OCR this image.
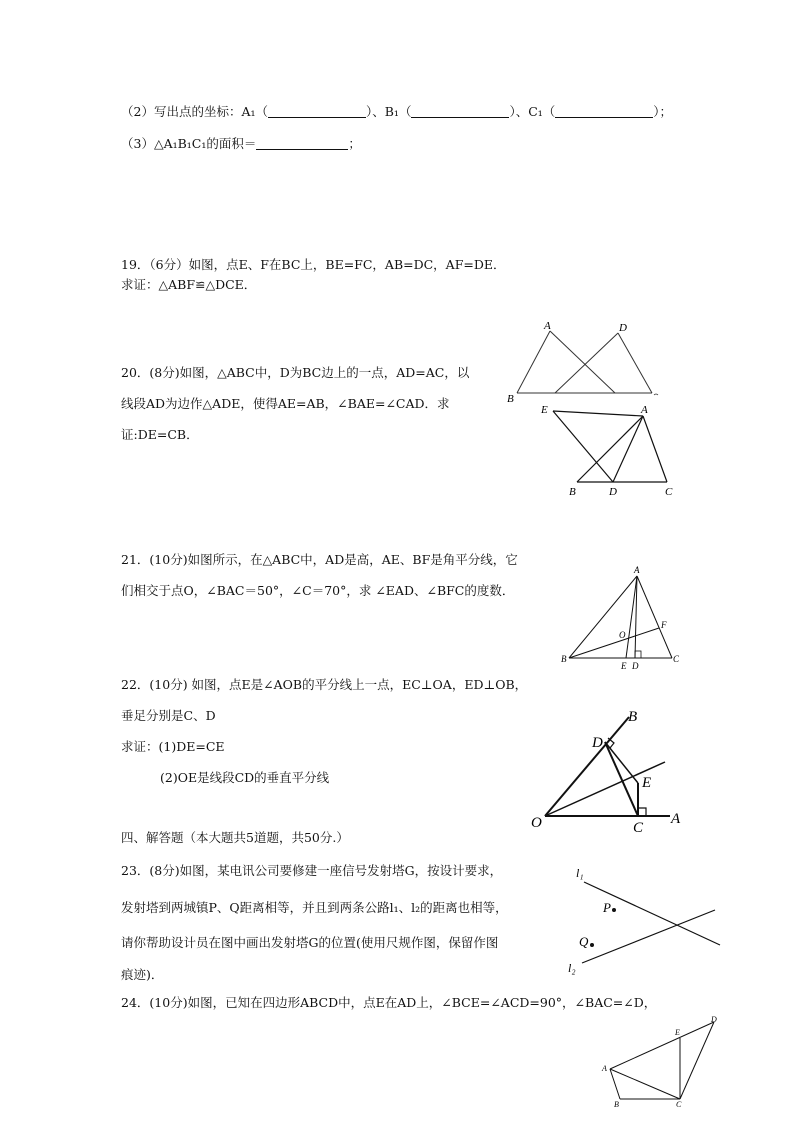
（2）写出点的坐标：A₁（	）、B₁（	）、C₁（	）；
（3）△A₁B₁C₁的面积＝	；
19．（6分）如图，点E、F在BC上，BE=FC，AB=DC，AF=DE．
求证：△ABF≌△DCE．
A	D
B
20．(8分)如图，△ABC中，D为BC边上的一点，AD=AC，以
线段AD为边作△ADE，使得AE=AB，∠BAE=∠CAD．求
证:DE=CB．
E	A
B	D	C
21．(10分)如图所示，在△ABC中，AD是高，AE、BF是角平分线，它
们相交于点O，∠BAC＝50°，∠C＝70°，求 ∠EAD、∠BFC的度数．
A
F
O
B
E D
C
22．(10分) 如图，点E是∠AOB的平分线上一点，EC⊥OA，ED⊥OB，
垂足分别是C、D
求证：(1)DE=CE
(2)OE是线段CD的垂直平分线
B
D
E
O	C
A
四、解答题（本大题共5道题，共50分.）
23．(8分)如图，某电讯公司要修建一座信号发射塔G，按设计要求，
发射塔到两城镇P、Q距离相等，并且到两条公路l₁、l₂的距离也相等，
请你帮助设计员在图中画出发射塔G的位置(使用尺规作图，保留作图
痕迹)．
l₁
P
Q
l₂
24．(10分)如图，已知在四边形ABCD中，点E在AD上，∠BCE=∠ACD=90°，∠BAC=∠D，
E
D
A
B	C
